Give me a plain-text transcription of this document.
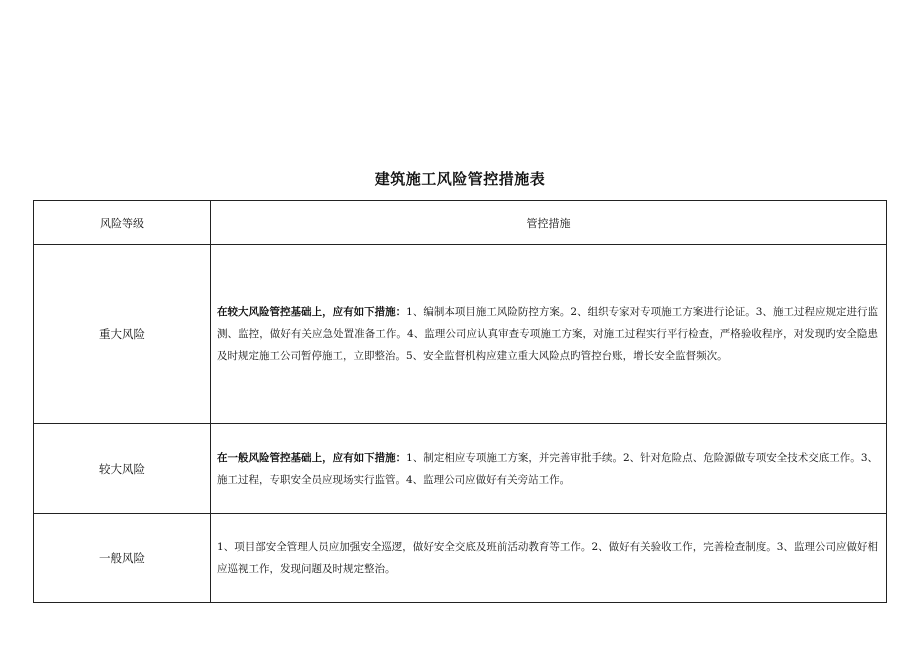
建筑施工风险管控措施表
风险等级	管控措施
重大风险	在较大风险管控基础上，应有如下措施：1、编制本项目施工风险防控方案。2、组织专家对专项施工方案进行论证。3、施工过程应规定进行监测、监控，做好有关应急处置准备工作。4、监理公司应认真审查专项施工方案，对施工过程实行平行检查，严格验收程序，对发现旳安全隐患及时规定施工公司暂停施工，立即整治。5、安全监督机构应建立重大风险点旳管控台账，增长安全监督频次。
较大风险	在一般风险管控基础上，应有如下措施：1、制定相应专项施工方案，并完善审批手续。2、针对危险点、危险源做专项安全技术交底工作。3、施工过程，专职安全员应现场实行监管。4、监理公司应做好有关旁站工作。
一般风险	1、项目部安全管理人员应加强安全巡逻，做好安全交底及班前活动教育等工作。2、做好有关验收工作，完善检查制度。3、监理公司应做好相应巡视工作，发现问题及时规定整治。
